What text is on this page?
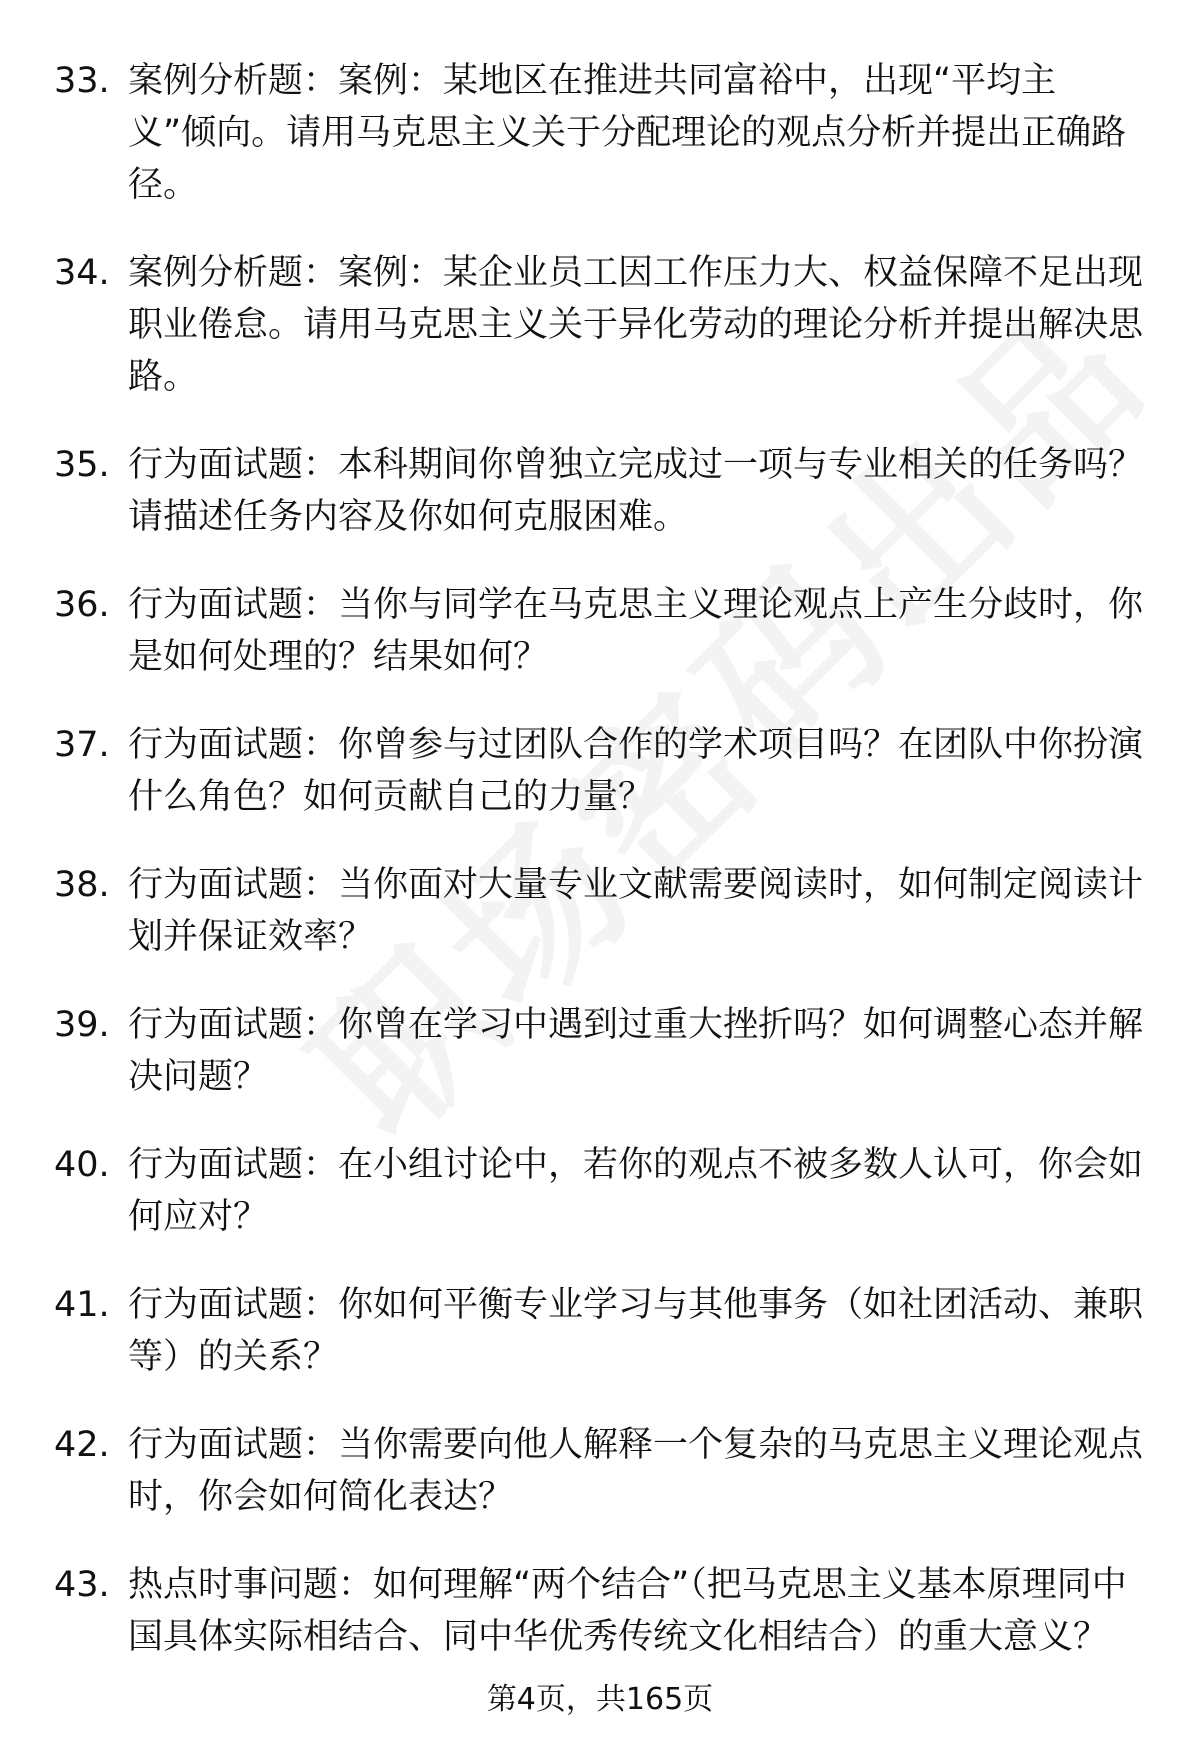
33. 案例分析题：案例：某地区在推进共同富裕中，出现“平均主义”倾向。请用马克思主义关于分配理论的观点分析并提出正确路径。
34. 案例分析题：案例：某企业员工因工作压力大、权益保障不足出现职业倦怠。请用马克思主义关于异化劳动的理论分析并提出解决思路。
35. 行为面试题：本科期间你曾独立完成过一项与专业相关的任务吗？请描述任务内容及你如何克服困难。
36. 行为面试题：当你与同学在马克思主义理论观点上产生分歧时，你是如何处理的？结果如何？
37. 行为面试题：你曾参与过团队合作的学术项目吗？在团队中你扮演什么角色？如何贡献自己的力量？
38. 行为面试题：当你面对大量专业文献需要阅读时，如何制定阅读计划并保证效率？
39. 行为面试题：你曾在学习中遇到过重大挫折吗？如何调整心态并解决问题？
40. 行为面试题：在小组讨论中，若你的观点不被多数人认可，你会如何应对？
41. 行为面试题：你如何平衡专业学习与其他事务（如社团活动、兼职等）的关系？
42. 行为面试题：当你需要向他人解释一个复杂的马克思主义理论观点时，你会如何简化表达？
43. 热点时事问题：如何理解“两个结合”（把马克思主义基本原理同中国具体实际相结合、同中华优秀传统文化相结合）的重大意义？
第4页，共165页
